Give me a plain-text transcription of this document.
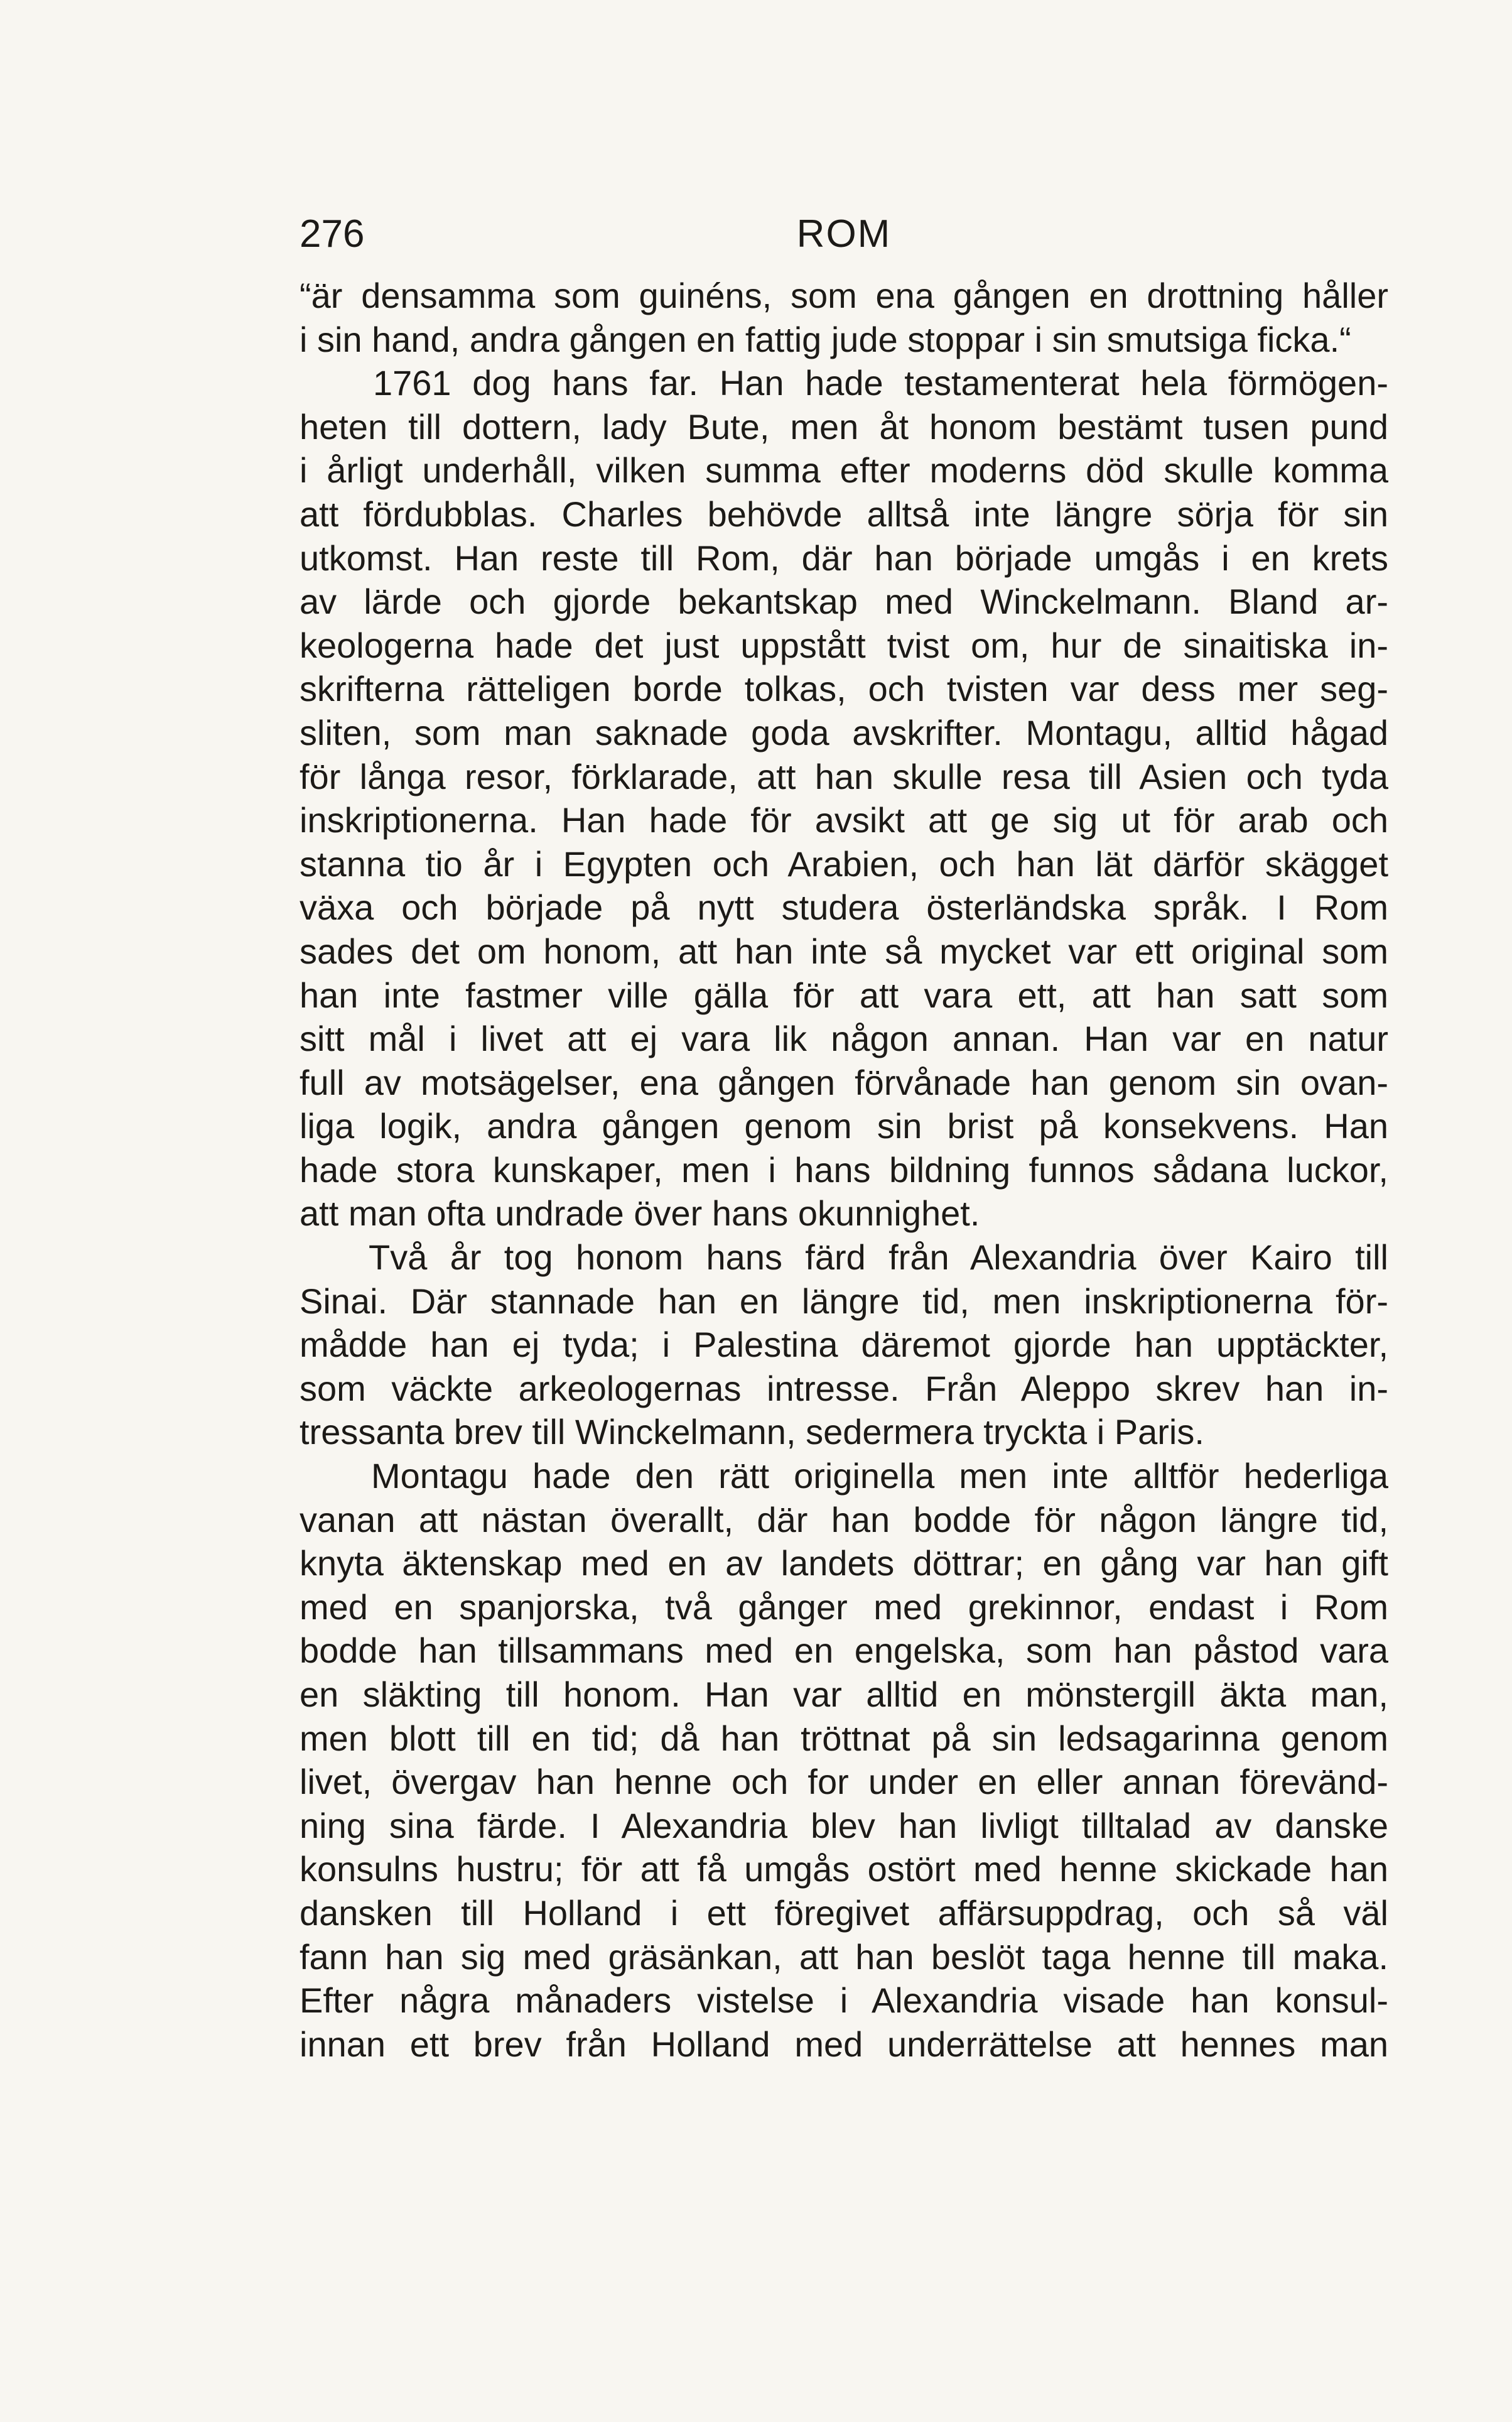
276	ROM
“är densamma som guinéns, som ena gången en drottning håller
i sin hand, andra gången en fattig jude stoppar i sin smutsiga ficka.“
1761 dog hans far. Han hade testamenterat hela förmögen-
heten till dottern, lady Bute, men åt honom bestämt tusen pund
i årligt underhåll, vilken summa efter moderns död skulle komma
att fördubblas. Charles behövde alltså inte längre sörja för sin
utkomst. Han reste till Rom, där han började umgås i en krets
av lärde och gjorde bekantskap med Winckelmann. Bland ar-
keologerna hade det just uppstått tvist om, hur de sinaitiska in-
skrifterna rätteligen borde tolkas, och tvisten var dess mer seg-
sliten, som man saknade goda avskrifter. Montagu, alltid hågad
för långa resor, förklarade, att han skulle resa till Asien och tyda
inskriptionerna. Han hade för avsikt att ge sig ut för arab och
stanna tio år i Egypten och Arabien, och han lät därför skägget
växa och började på nytt studera österländska språk. I Rom
sades det om honom, att han inte så mycket var ett original som
han inte fastmer ville gälla för att vara ett, att han satt som
sitt mål i livet att ej vara lik någon annan. Han var en natur
full av motsägelser, ena gången förvånade han genom sin ovan-
liga logik, andra gången genom sin brist på konsekvens. Han
hade stora kunskaper, men i hans bildning funnos sådana luckor,
att man ofta undrade över hans okunnighet.
Två år tog honom hans färd från Alexandria över Kairo till
Sinai. Där stannade han en längre tid, men inskriptionerna för-
mådde han ej tyda; i Palestina däremot gjorde han upptäckter,
som väckte arkeologernas intresse. Från Aleppo skrev han in-
tressanta brev till Winckelmann, sedermera tryckta i Paris.
Montagu hade den rätt originella men inte alltför hederliga
vanan att nästan överallt, där han bodde för någon längre tid,
knyta äktenskap med en av landets döttrar; en gång var han gift
med en spanjorska, två gånger med grekinnor, endast i Rom
bodde han tillsammans med en engelska, som han påstod vara
en släkting till honom. Han var alltid en mönstergill äkta man,
men blott till en tid; då han tröttnat på sin ledsagarinna genom
livet, övergav han henne och for under en eller annan förevänd-
ning sina färde. I Alexandria blev han livligt tilltalad av danske
konsulns hustru; för att få umgås ostört med henne skickade han
dansken till Holland i ett föregivet affärsuppdrag, och så väl
fann han sig med gräsänkan, att han beslöt taga henne till maka.
Efter några månaders vistelse i Alexandria visade han konsul-
innan ett brev från Holland med underrättelse att hennes man
